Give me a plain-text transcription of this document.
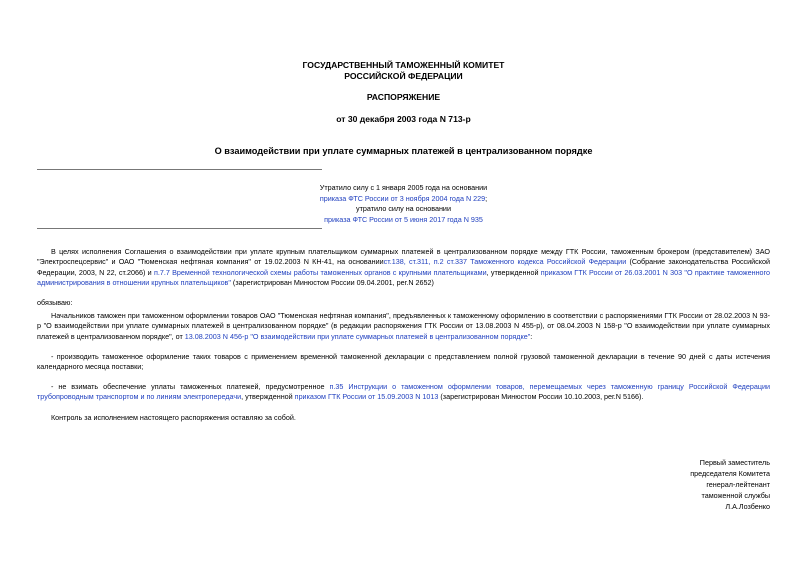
ГОСУДАРСТВЕННЫЙ ТАМОЖЕННЫЙ КОМИТЕТ
РОССИЙСКОЙ ФЕДЕРАЦИИ
РАСПОРЯЖЕНИЕ
от 30 декабря 2003 года N 713-р
О взаимодействии при уплате суммарных платежей в централизованном порядке
Утратило силу с 1 января 2005 года на основании
приказа ФТС России от 3 ноября 2004 года N 229;
утратило силу на основании
приказа ФТС России от 5 июня 2017 года N 935
В целях исполнения Соглашения о взаимодействии при уплате крупным плательщиком суммарных платежей в централизованном порядке между ГТК России, таможенным брокером (представителем) ЗАО "Электроспецсервис" и ОАО "Тюменская нефтяная компания" от 19.02.2003 N КН-41, на основаниист.138, ст.311, п.2 ст.337 Таможенного кодекса Российской Федерации (Собрание законодательства Российской Федерации, 2003, N 22, ст.2066) и п.7.7 Временной технологической схемы работы таможенных органов с крупными плательщиками, утвержденной приказом ГТК России от 26.03.2001 N 303 "О практике таможенного администрирования в отношении крупных плательщиков" (зарегистрирован Минюстом России 09.04.2001, рег.N 2652)
обязываю:
Начальников таможен при таможенном оформлении товаров ОАО "Тюменская нефтяная компания", предъявленных к таможенному оформлению в соответствии с распоряжениями ГТК России от 28.02.2003 N 93-р "О взаимодействии при уплате суммарных платежей в централизованном порядке" (в редакции распоряжения ГТК России от 13.08.2003 N 455-р), от 08.04.2003 N 158-р "О взаимодействии при уплате суммарных платежей в централизованном порядке", от 13.08.2003 N 456-р "О взаимодействии при уплате суммарных платежей в централизованном порядке":
- производить таможенное оформление таких товаров с применением временной таможенной декларации с представлением полной грузовой таможенной декларации в течение 90 дней с даты истечения календарного месяца поставки;
- не взимать обеспечение уплаты таможенных платежей, предусмотренное п.35 Инструкции о таможенном оформлении товаров, перемещаемых через таможенную границу Российской Федерации трубопроводным транспортом и по линиям электропередачи, утвержденной приказом ГТК России от 15.09.2003 N 1013 (зарегистрирован Минюстом России 10.10.2003, рег.N 5166).
Контроль за исполнением настоящего распоряжения оставляю за собой.
Первый заместитель
председателя Комитета
генерал-лейтенант
таможенной службы
Л.А.Лозбенко
